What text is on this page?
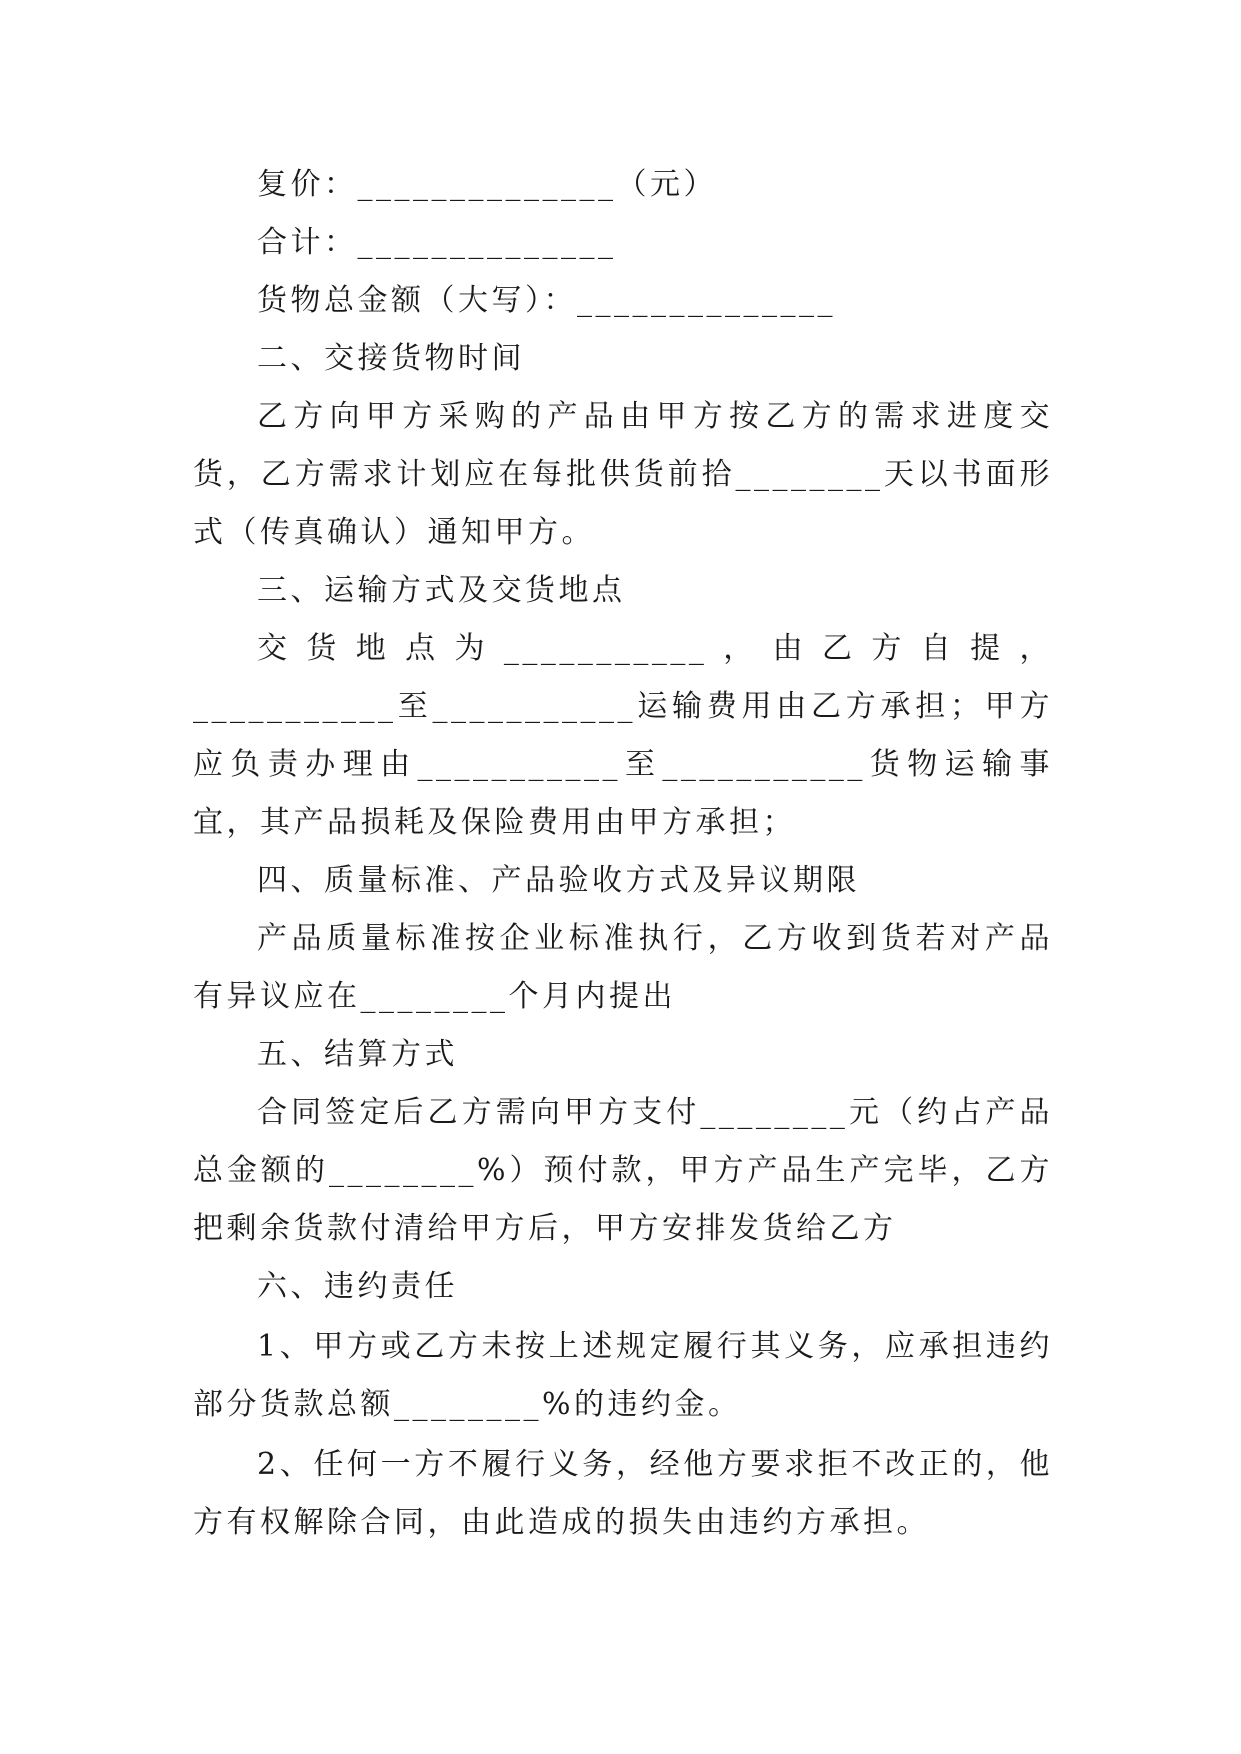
复价：______________（元）

合计：______________

货物总金额（大写）：______________

二、交接货物时间

乙方向甲方采购的产品由甲方按乙方的需求进度交货，乙方需求计划应在每批供货前拾________天以书面形式（传真确认）通知甲方。

三、运输方式及交货地点

交货地点为___________，由乙方自提，___________至___________运输费用由乙方承担；甲方应负责办理由___________至___________货物运输事宜，其产品损耗及保险费用由甲方承担；

四、质量标准、产品验收方式及异议期限

产品质量标准按企业标准执行，乙方收到货若对产品有异议应在________个月内提出

五、结算方式

合同签定后乙方需向甲方支付________元（约占产品总金额的________%）预付款，甲方产品生产完毕，乙方把剩余货款付清给甲方后，甲方安排发货给乙方

六、违约责任

1、甲方或乙方未按上述规定履行其义务，应承担违约部分货款总额________%的违约金。

2、任何一方不履行义务，经他方要求拒不改正的，他方有权解除合同，由此造成的损失由违约方承担。
